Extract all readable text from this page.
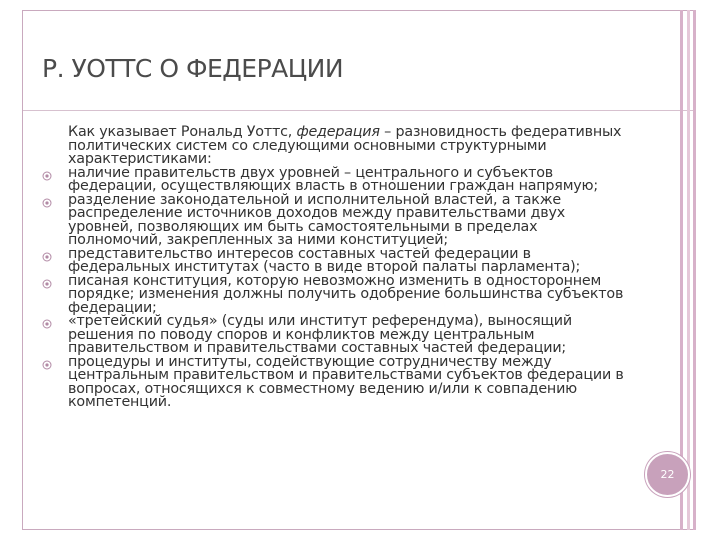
Р. УОТТС О ФЕДЕРАЦИИ
Как указывает Рональд Уоттс, федерация – разновидность федеративных политических систем со следующими основными структурными характеристиками:
наличие правительств двух уровней – центрального и субъектов федерации, осуществляющих власть в отношении граждан напрямую;
разделение законодательной и исполнительной властей, а также распределение источников доходов между правительствами двух уровней, позволяющих им быть самостоятельными в пределах полномочий, закрепленных за ними конституцией;
представительство интересов составных частей федерации в федеральных институтах (часто в виде второй палаты парламента);
писаная конституция, которую невозможно изменить в одностороннем порядке; изменения должны получить одобрение большинства субъектов федерации;
«третейский судья» (суды или институт референдума), выносящий решения по поводу споров и конфликтов между центральным правительством и правительствами составных частей федерации;
процедуры и институты, содействующие сотрудничеству между центральным правительством и правительствами субъектов федерации в вопросах, относящихся к совместному ведению и/или к совпадению компетенций.
22
